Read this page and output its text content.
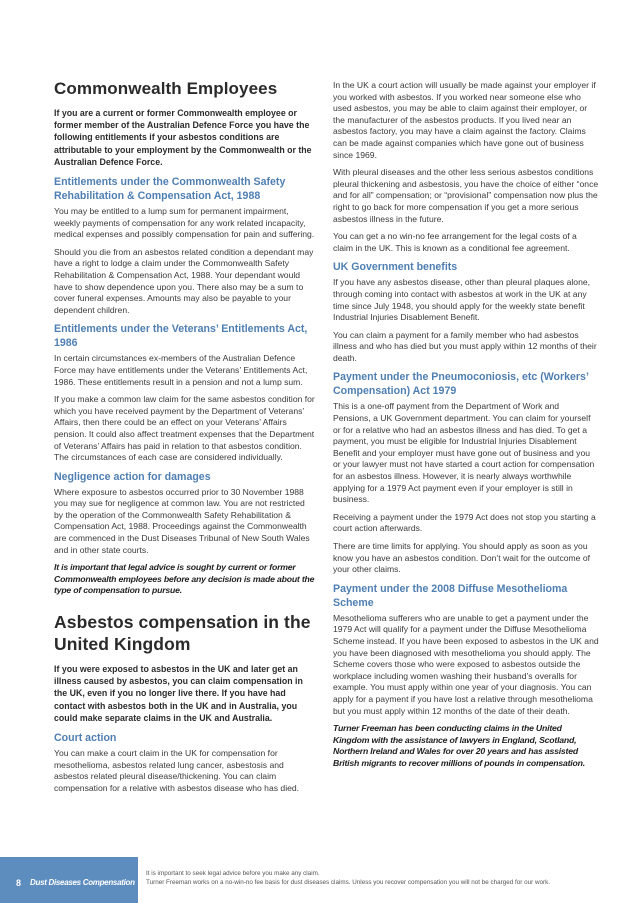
Commonwealth Employees

If you are a current or former Commonwealth employee or former member of the Australian Defence Force you have the following entitlements if your asbestos conditions are attributable to your employment by the Commonwealth or the Australian Defence Force.

Entitlements under the Commonwealth Safety Rehabilitation & Compensation Act, 1988

You may be entitled to a lump sum for permanent impairment, weekly payments of compensation for any work related incapacity, medical expenses and possibly compensation for pain and suffering.

Should you die from an asbestos related condition a dependant may have a right to lodge a claim under the Commonwealth Safety Rehabilitation & Compensation Act, 1988. Your dependant would have to show dependence upon you. There also may be a sum to cover funeral expenses. Amounts may also be payable to your dependent children.

Entitlements under the Veterans’ Entitlements Act, 1986

In certain circumstances ex-members of the Australian Defence Force may have entitlements under the Veterans’ Entitlements Act, 1986. These entitlements result in a pension and not a lump sum.

If you make a common law claim for the same asbestos condition for which you have received payment by the Department of Veterans’ Affairs, then there could be an effect on your Veterans’ Affairs pension. It could also affect treatment expenses that the Department of Veterans’ Affairs has paid in relation to that asbestos condition. The circumstances of each case are considered individually.

Negligence action for damages

Where exposure to asbestos occurred prior to 30 November 1988 you may sue for negligence at common law. You are not restricted by the operation of the Commonwealth Safety Rehabilitation & Compensation Act, 1988. Proceedings against the Commonwealth are commenced in the Dust Diseases Tribunal of New South Wales and in other state courts.

It is important that legal advice is sought by current or former Commonwealth employees before any decision is made about the type of compensation to pursue.

Asbestos compensation in the United Kingdom

If you were exposed to asbestos in the UK and later get an illness caused by asbestos, you can claim compensation in the UK, even if you no longer live there. If you have had contact with asbestos both in the UK and in Australia, you could make separate claims in the UK and Australia.

Court action

You can make a court claim in the UK for compensation for mesothelioma, asbestos related lung cancer, asbestosis and asbestos related pleural disease/thickening. You can claim compensation for a relative with asbestos disease who has died.

In the UK a court action will usually be made against your employer if you worked with asbestos. If you worked near someone else who used asbestos, you may be able to claim against their employer, or the manufacturer of the asbestos products. If you lived near an asbestos factory, you may have a claim against the factory. Claims can be made against companies which have gone out of business since 1969.

With pleural diseases and the other less serious asbestos conditions pleural thickening and asbestosis, you have the choice of either “once and for all” compensation; or “provisional” compensation now plus the right to go back for more compensation if you get a more serious asbestos illness in the future.

You can get a no win-no fee arrangement for the legal costs of a claim in the UK. This is known as a conditional fee agreement.

UK Government benefits

If you have any asbestos disease, other than pleural plaques alone, through coming into contact with asbestos at work in the UK at any time since July 1948, you should apply for the weekly state benefit Industrial Injuries Disablement Benefit.

You can claim a payment for a family member who had asbestos illness and who has died but you must apply within 12 months of their death.

Payment under the Pneumoconiosis, etc (Workers’ Compensation) Act 1979

This is a one-off payment from the Department of Work and Pensions, a UK Government department. You can claim for yourself or for a relative who had an asbestos illness and has died. To get a payment, you must be eligible for Industrial Injuries Disablement Benefit and your employer must have gone out of business and you or your lawyer must not have started a court action for compensation for an asbestos illness. However, it is nearly always worthwhile applying for a 1979 Act payment even if your employer is still in business.

Receiving a payment under the 1979 Act does not stop you starting a court action afterwards.

There are time limits for applying. You should apply as soon as you know you have an asbestos condition. Don’t wait for the outcome of your other claims.

Payment under the 2008 Diffuse Mesothelioma Scheme

Mesothelioma sufferers who are unable to get a payment under the 1979 Act will qualify for a payment under the Diffuse Mesothelioma Scheme instead. If you have been exposed to asbestos in the UK and you have been diagnosed with mesothelioma you should apply. The Scheme covers those who were exposed to asbestos outside the workplace including women washing their husband’s overalls for example. You must apply within one year of your diagnosis. You can apply for a payment if you have lost a relative through mesothelioma but you must apply within 12 months of the date of their death.

Turner Freeman has been conducting claims in the United Kingdom with the assistance of lawyers in England, Scotland, Northern Ireland and Wales for over 20 years and has assisted British migrants to recover millions of pounds in compensation.

8 Dust Diseases Compensation

It is important to seek legal advice before you make any claim.
Turner Freeman works on a no-win-no fee basis for dust diseases claims. Unless you recover compensation you will not be charged for our work.
